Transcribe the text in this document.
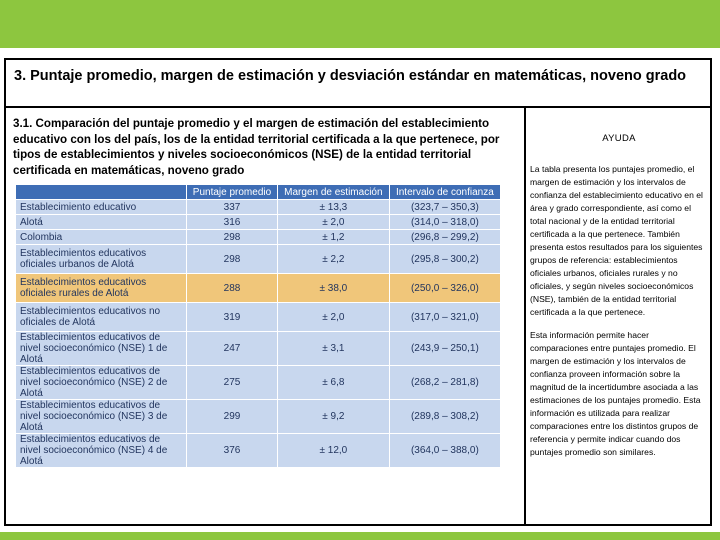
3. Puntaje promedio, margen de estimación y desviación estándar en matemáticas, noveno grado

3.1. Comparación del puntaje promedio y el margen de estimación del establecimiento educativo con los del país, los de la entidad territorial certificada a la que pertenece, por tipos de establecimientos y niveles socioeconómicos (NSE) de la entidad territorial certificada en matemáticas, noveno grado

	Puntaje promedio	Margen de estimación	Intervalo de confianza
Establecimiento educativo	337	± 13,3	(323,7 – 350,3)
Alotá	316	± 2,0	(314,0 – 318,0)
Colombia	298	± 1,2	(296,8 – 299,2)
Establecimientos educativos oficiales urbanos de Alotá	298	± 2,2	(295,8 – 300,2)
Establecimientos educativos oficiales rurales de Alotá	288	± 38,0	(250,0 – 326,0)
Establecimientos educativos no oficiales de Alotá	319	± 2,0	(317,0 – 321,0)
Establecimientos educativos de nivel socioeconómico (NSE) 1 de Alotá	247	± 3,1	(243,9 – 250,1)
Establecimientos educativos de nivel socioeconómico (NSE) 2 de Alotá	275	± 6,8	(268,2 – 281,8)
Establecimientos educativos de nivel socioeconómico (NSE) 3 de Alotá	299	± 9,2	(289,8 – 308,2)
Establecimientos educativos de nivel socioeconómico (NSE) 4 de Alotá	376	± 12,0	(364,0 – 388,0)
AYUDA

La tabla presenta los puntajes promedio, el margen de estimación y los intervalos de confianza del establecimiento educativo en el área y grado correspondiente, así como el total nacional y de la entidad territorial certificada a la que pertenece. También presenta estos resultados para los siguientes grupos de referencia: establecimientos oficiales urbanos, oficiales rurales y no oficiales, y según niveles socioeconómicos (NSE), también de la entidad territorial certificada a la que pertenece.

Esta información permite hacer comparaciones entre puntajes promedio. El margen de estimación y los intervalos de confianza proveen información sobre la magnitud de la incertidumbre asociada a las estimaciones de los puntajes promedio. Esta información es utilizada para realizar comparaciones entre los distintos grupos de referencia y permite indicar cuando dos puntajes promedio son similares.
